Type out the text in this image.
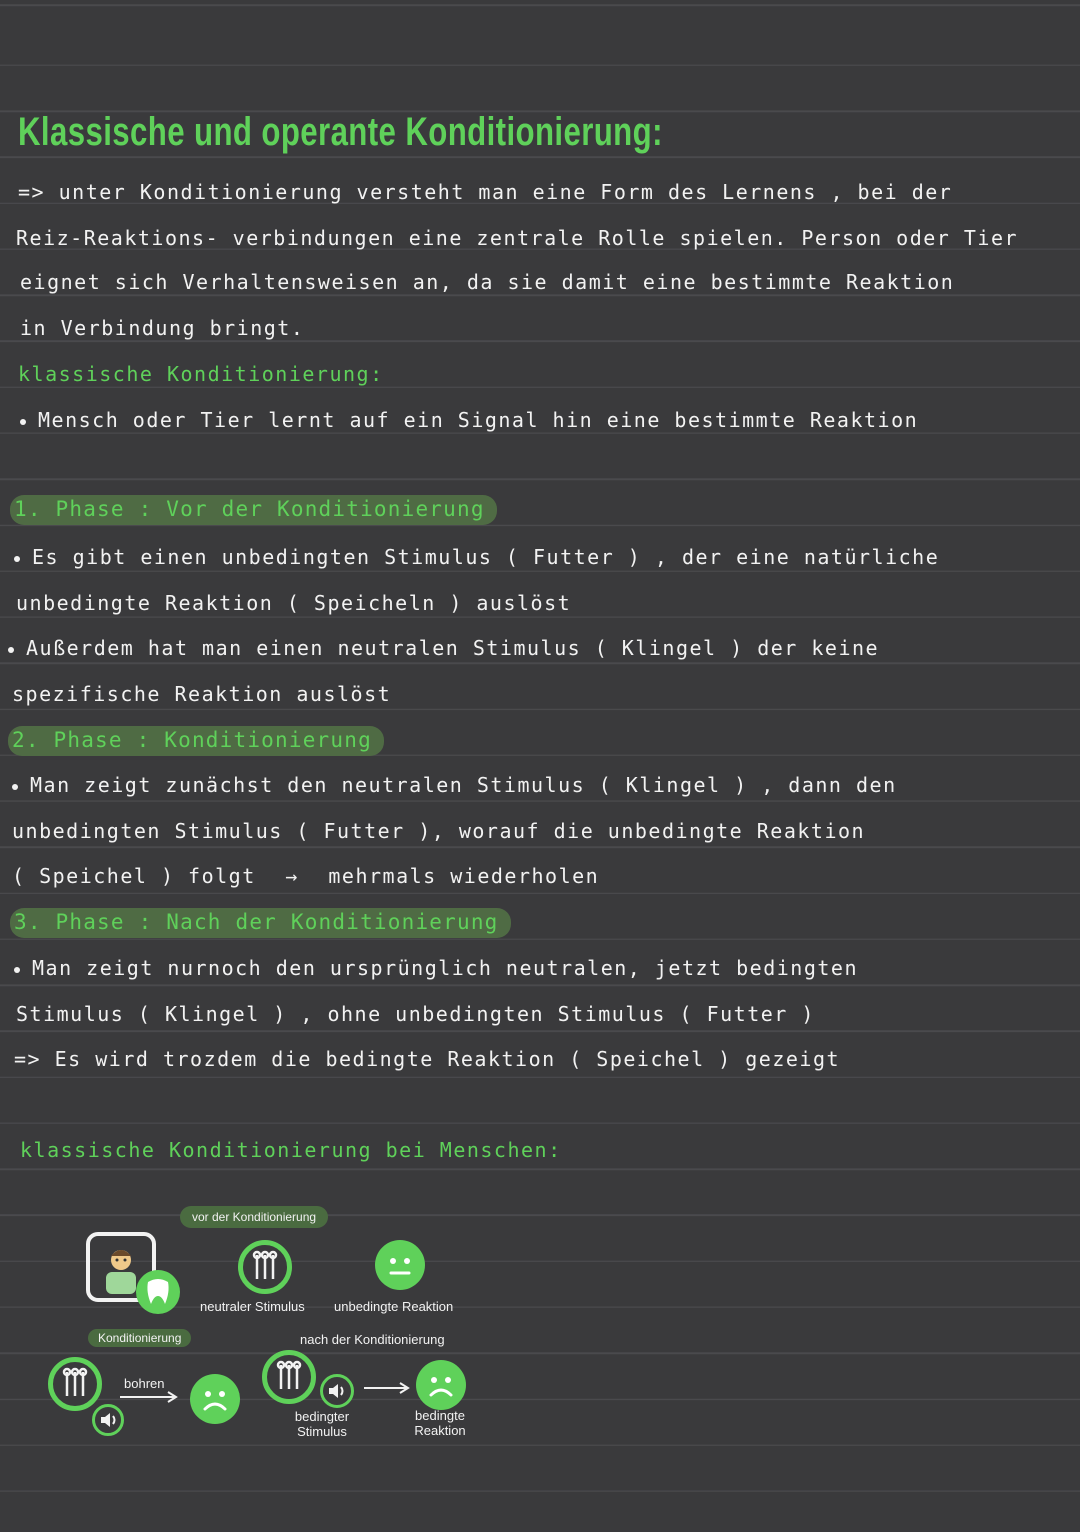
Klassische und operante Konditionierung:
=> unter Konditionierung versteht man eine Form des Lernens , bei der
Reiz-Reaktions- verbindungen eine zentrale Rolle spielen. Person oder Tier
eignet sich Verhaltensweisen an, da sie damit eine bestimmte Reaktion
in Verbindung bringt.
klassische Konditionierung:
Mensch oder Tier lernt auf ein Signal hin eine bestimmte Reaktion
1. Phase : Vor der Konditionierung
Es gibt einen unbedingten Stimulus ( Futter ) , der eine natürliche
unbedingte Reaktion ( Speicheln ) auslöst
Außerdem hat man einen neutralen Stimulus ( Klingel ) der keine
spezifische Reaktion auslöst
2. Phase : Konditionierung
Man zeigt zunächst den neutralen Stimulus ( Klingel ) , dann den
unbedingten Stimulus ( Futter ), worauf die unbedingte Reaktion
( Speichel ) folgt → mehrmals wiederholen
3. Phase : Nach der Konditionierung
Man zeigt nurnoch den ursprünglich neutralen, jetzt bedingten
Stimulus ( Klingel ) , ohne unbedingten Stimulus ( Futter )
=> Es wird trozdem die bedingte Reaktion ( Speichel ) gezeigt
klassische Konditionierung bei Menschen:
vor der Konditionierung
neutraler Stimulus unbedingte Reaktion
Konditionierung	nach der Konditionierung
bohren
bedingter Stimulus
bedingte Reaktion
